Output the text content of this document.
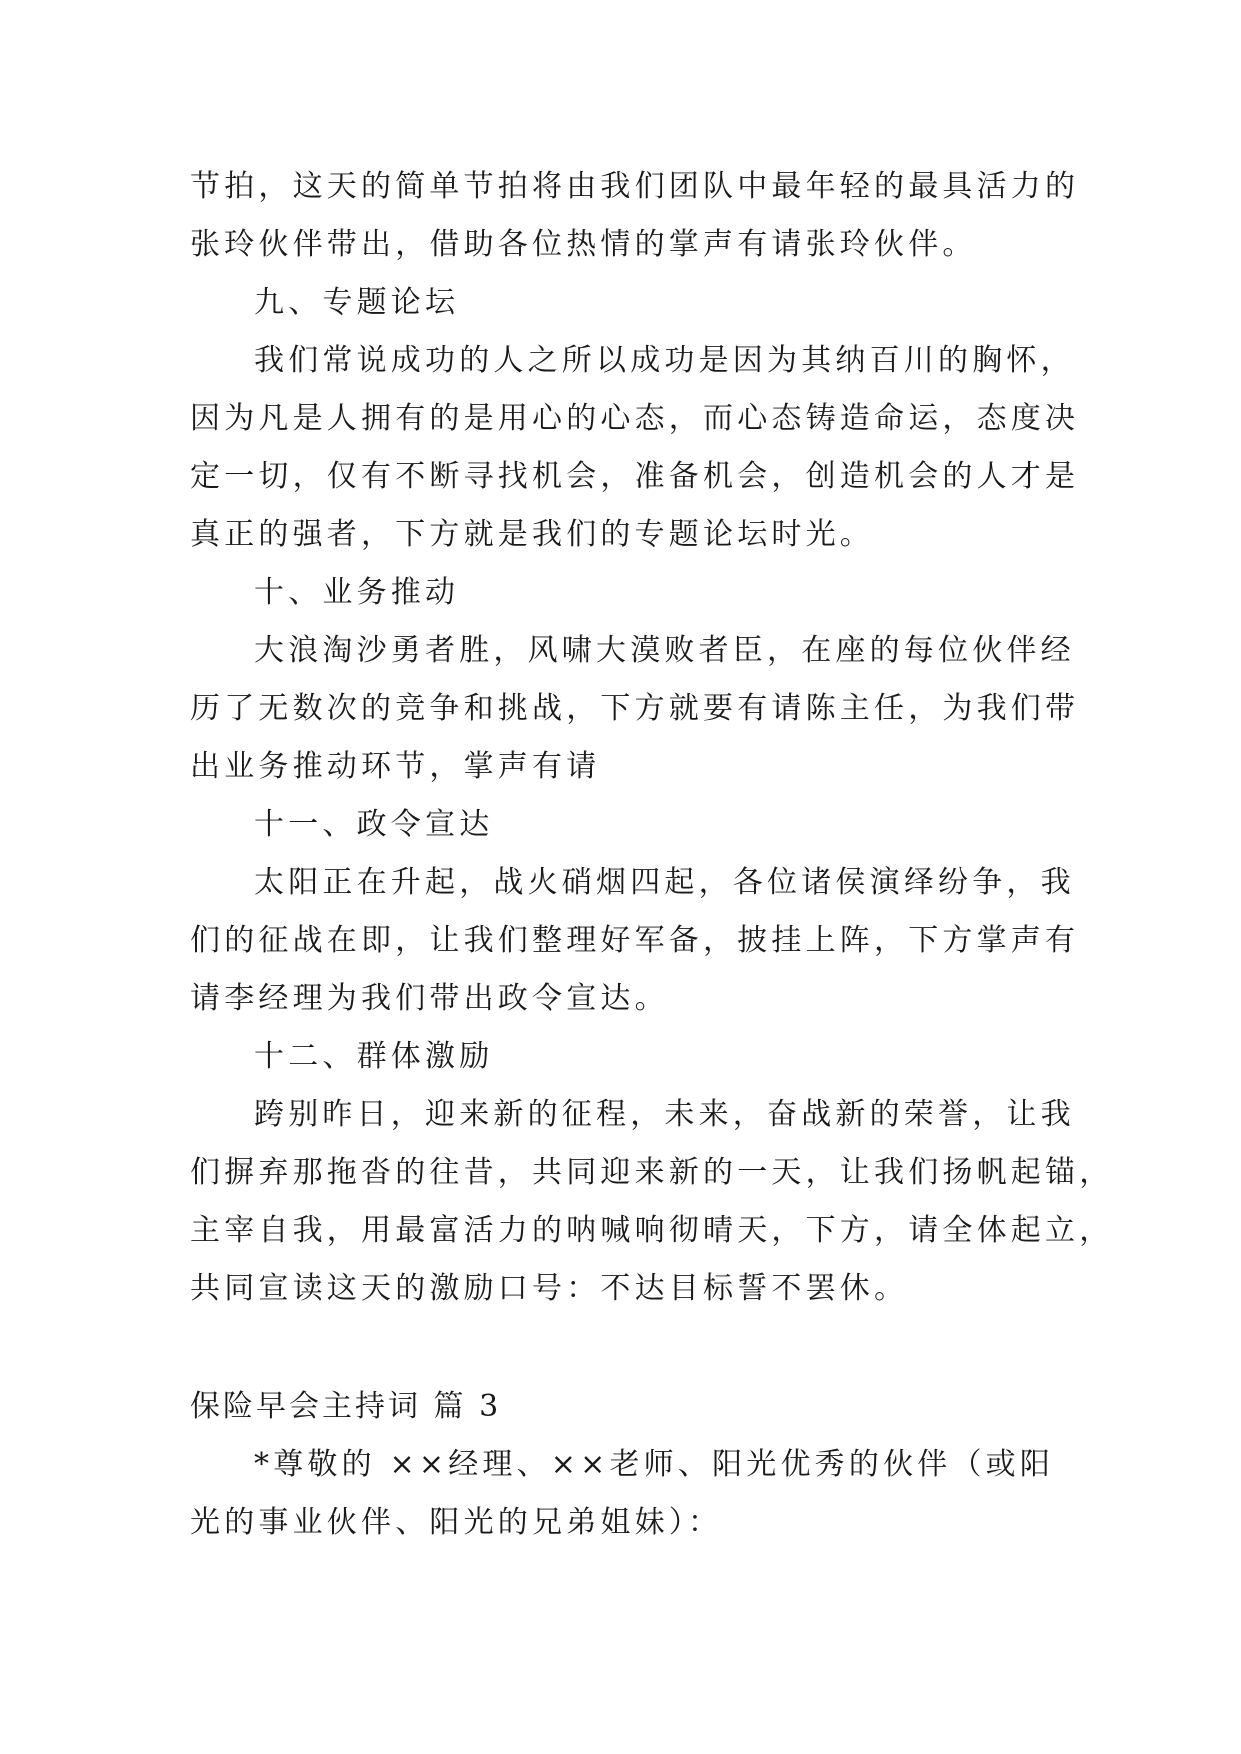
节拍，这天的简单节拍将由我们团队中最年轻的最具活力的
张玲伙伴带出，借助各位热情的掌声有请张玲伙伴。
九、专题论坛
我们常说成功的人之所以成功是因为其纳百川的胸怀，
因为凡是人拥有的是用心的心态，而心态铸造命运，态度决
定一切，仅有不断寻找机会，准备机会，创造机会的人才是
真正的强者，下方就是我们的专题论坛时光。
十、业务推动
大浪淘沙勇者胜，风啸大漠败者臣，在座的每位伙伴经
历了无数次的竞争和挑战，下方就要有请陈主任，为我们带
出业务推动环节，掌声有请
十一、政令宣达
太阳正在升起，战火硝烟四起，各位诸侯演绎纷争，我
们的征战在即，让我们整理好军备，披挂上阵，下方掌声有
请李经理为我们带出政令宣达。
十二、群体激励
跨别昨日，迎来新的征程，未来，奋战新的荣誉，让我
们摒弃那拖沓的往昔，共同迎来新的一天，让我们扬帆起锚，
主宰自我，用最富活力的呐喊响彻晴天，下方，请全体起立，
共同宣读这天的激励口号：不达目标誓不罢休。
保险早会主持词 篇 3
*尊敬的 ××经理、××老师、阳光优秀的伙伴（或阳
光的事业伙伴、阳光的兄弟姐妹）：
